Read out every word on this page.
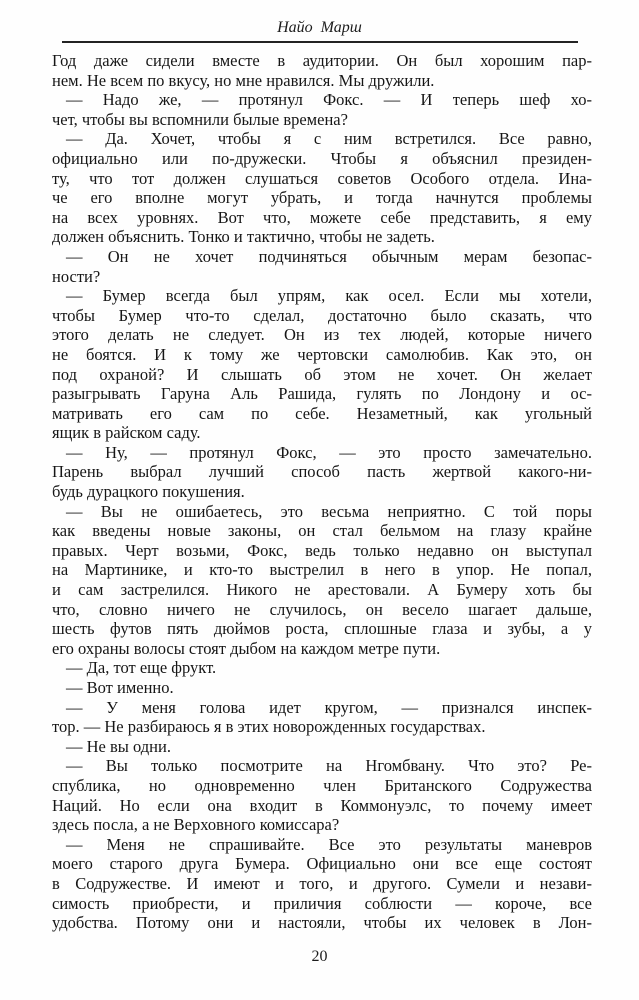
Найо Марш
Год даже сидели вместе в аудитории. Он был хорошим пар-
нем. Не всем по вкусу, но мне нравился. Мы дружили.
— Надо же, — протянул Фокс. — И теперь шеф хо-
чет, чтобы вы вспомнили былые времена?
— Да. Хочет, чтобы я с ним встретился. Все равно,
официально или по-дружески. Чтобы я объяснил президен-
ту, что тот должен слушаться советов Особого отдела. Ина-
че его вполне могут убрать, и тогда начнутся проблемы
на всех уровнях. Вот что, можете себе представить, я ему
должен объяснить. Тонко и тактично, чтобы не задеть.
— Он не хочет подчиняться обычным мерам безопас-
ности?
— Бумер всегда был упрям, как осел. Если мы хотели,
чтобы Бумер что-то сделал, достаточно было сказать, что
этого делать не следует. Он из тех людей, которые ничего
не боятся. И к тому же чертовски самолюбив. Как это, он
под охраной? И слышать об этом не хочет. Он желает
разыгрывать Гаруна Аль Рашида, гулять по Лондону и ос-
матривать его сам по себе. Незаметный, как угольный
ящик в райском саду.
— Ну, — протянул Фокс, — это просто замечательно.
Парень выбрал лучший способ пасть жертвой какого-ни-
будь дурацкого покушения.
— Вы не ошибаетесь, это весьма неприятно. С той поры
как введены новые законы, он стал бельмом на глазу крайне
правых. Черт возьми, Фокс, ведь только недавно он выступал
на Мартинике, и кто-то выстрелил в него в упор. Не попал,
и сам застрелился. Никого не арестовали. А Бумеру хоть бы
что, словно ничего не случилось, он весело шагает дальше,
шесть футов пять дюймов роста, сплошные глаза и зубы, а у
его охраны волосы стоят дыбом на каждом метре пути.
— Да, тот еще фрукт.
— Вот именно.
— У меня голова идет кругом, — признался инспек-
тор. — Не разбираюсь я в этих новорожденных государствах.
— Не вы одни.
— Вы только посмотрите на Нгомбвану. Что это? Ре-
спублика, но одновременно член Британского Содружества
Наций. Но если она входит в Коммонуэлс, то почему имеет
здесь посла, а не Верховного комиссара?
— Меня не спрашивайте. Все это результаты маневров
моего старого друга Бумера. Официально они все еще состоят
в Содружестве. И имеют и того, и другого. Сумели и незави-
симость приобрести, и приличия соблюсти — короче, все
удобства. Потому они и настояли, чтобы их человек в Лон-
20
